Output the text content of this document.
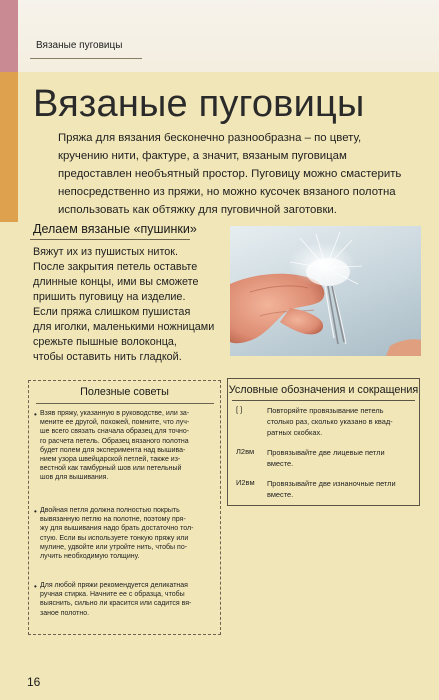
Вязаные пуговицы
Вязаные пуговицы
Пряжа для вязания бесконечно разнообразна – по цвету, кручению нити, фактуре, а значит, вязаным пуговицам предоставлен необъятный простор. Пуговицу можно смастерить непосредственно из пряжи, но можно кусочек вязаного полотна использовать как обтяжку для пуговичной заготовки.
Делаем вязаные «пушинки»
Вяжут их из пушистых ниток.
После закрытия петель оставьте
длинные концы, ими вы сможете
пришить пуговицу на изделие.
Если пряжа слишком пушистая
для иголки, маленькими ножницами
срежьте пышные волоконца,
чтобы оставить нить гладкой.
Полезные советы
• Взяв пряжу, указанную в руководстве, или за-
мените ее другой, похожей, помните, что луч-
ше всего связать сначала образец для точно-
го расчета петель. Образец вязаного полотна
будет полем для эксперимента над вышива-
нием узора швейцарской петлей, также из-
вестной как тамбурный шов или петельный
шов для вышивания.
• Двойная петля должна полностью покрыть
вывязанную петлю на полотне, поэтому пря-
жу для вышивания надо брать достаточно тол-
стую. Если вы используете тонкую пряжу или
мулине, удвойте или утройте нить, чтобы по-
лучить необходимую толщину.
• Для любой пряжи рекомендуется деликатная
ручная стирка. Начните ее с образца, чтобы
выяснить, сильно ли красится или садится вя-
заное полотно.
Условные обозначения и сокращения
[ ]	Повторяйте провязывание петель
столько раз, сколько указано в квад-
ратных скобках.
Л2вм Провязывайте две лицевые петли
вместе.
И2вм Провязывайте две изнаночные петли
вместе.
16
